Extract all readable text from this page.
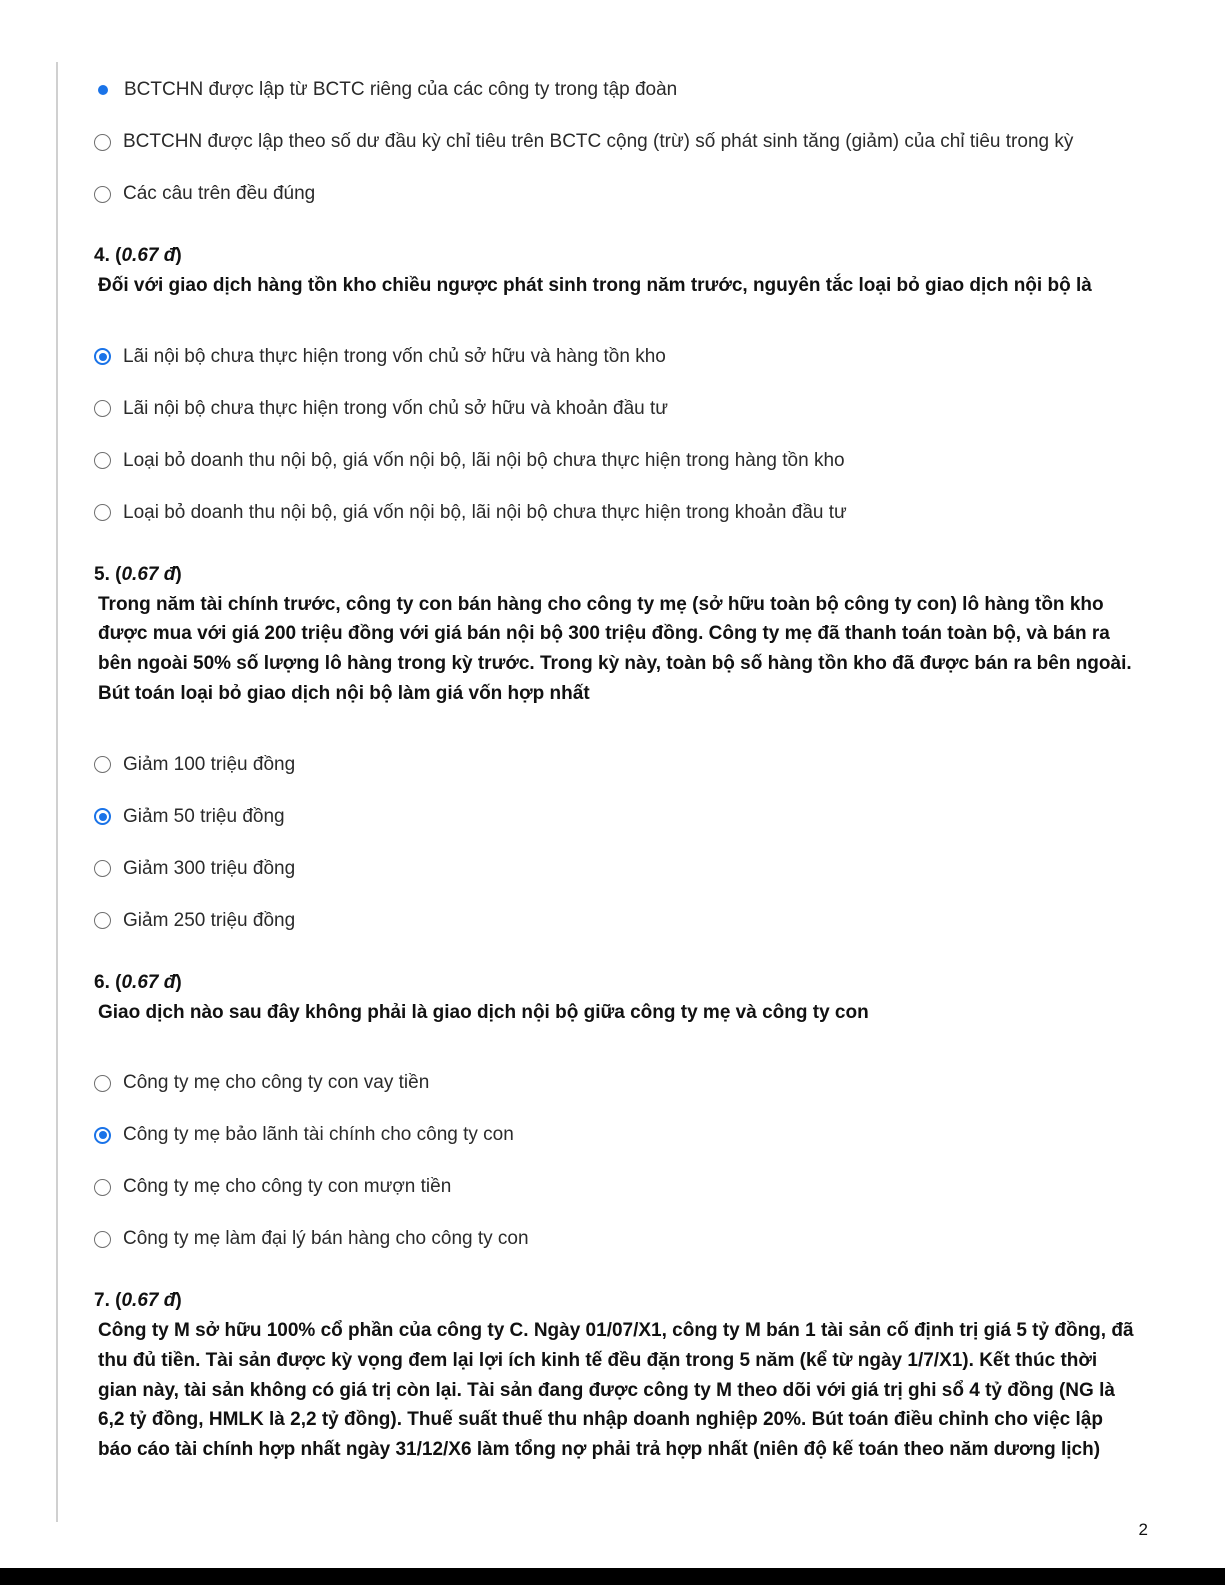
BCTCHN được lập từ BCTC riêng của các công ty trong tập đoàn
BCTCHN được lập theo số dư đầu kỳ chỉ tiêu trên BCTC cộng (trừ) số phát sinh tăng (giảm) của chỉ tiêu trong kỳ
Các câu trên đều đúng
4. (0.67 đ)
Đối với giao dịch hàng tồn kho chiều ngược phát sinh trong năm trước, nguyên tắc loại bỏ giao dịch nội bộ là
Lãi nội bộ chưa thực hiện trong vốn chủ sở hữu và hàng tồn kho
Lãi nội bộ chưa thực hiện trong vốn chủ sở hữu và khoản đầu tư
Loại bỏ doanh thu nội bộ, giá vốn nội bộ, lãi nội bộ chưa thực hiện trong hàng tồn kho
Loại bỏ doanh thu nội bộ, giá vốn nội bộ, lãi nội bộ chưa thực hiện trong khoản đầu tư
5. (0.67 đ)
Trong năm tài chính trước, công ty con bán hàng cho công ty mẹ (sở hữu toàn bộ công ty con) lô hàng tồn kho được mua với giá 200 triệu đồng với giá bán nội bộ 300 triệu đồng. Công ty mẹ đã thanh toán toàn bộ, và bán ra bên ngoài 50% số lượng lô hàng trong kỳ trước. Trong kỳ này, toàn bộ số hàng tồn kho đã được bán ra bên ngoài. Bút toán loại bỏ giao dịch nội bộ làm giá vốn hợp nhất
Giảm 100 triệu đồng
Giảm 50 triệu đồng
Giảm 300 triệu đồng
Giảm 250 triệu đồng
6. (0.67 đ)
Giao dịch nào sau đây không phải là giao dịch nội bộ giữa công ty mẹ và công ty con
Công ty mẹ cho công ty con vay tiền
Công ty mẹ bảo lãnh tài chính cho công ty con
Công ty mẹ cho công ty con mượn tiền
Công ty mẹ làm đại lý bán hàng cho công ty con
7. (0.67 đ)
Công ty M sở hữu 100% cổ phần của công ty C. Ngày 01/07/X1, công ty M bán 1 tài sản cố định trị giá 5 tỷ đồng, đã thu đủ tiền. Tài sản được kỳ vọng đem lại lợi ích kinh tế đều đặn trong 5 năm (kể từ ngày 1/7/X1). Kết thúc thời gian này, tài sản không có giá trị còn lại. Tài sản đang được công ty M theo dõi với giá trị ghi sổ 4 tỷ đồng (NG là 6,2 tỷ đồng, HMLK là 2,2 tỷ đồng). Thuế suất thuế thu nhập doanh nghiệp 20%. Bút toán điều chỉnh cho việc lập báo cáo tài chính hợp nhất ngày 31/12/X6 làm tổng nợ phải trả hợp nhất (niên độ kế toán theo năm dương lịch)
2
